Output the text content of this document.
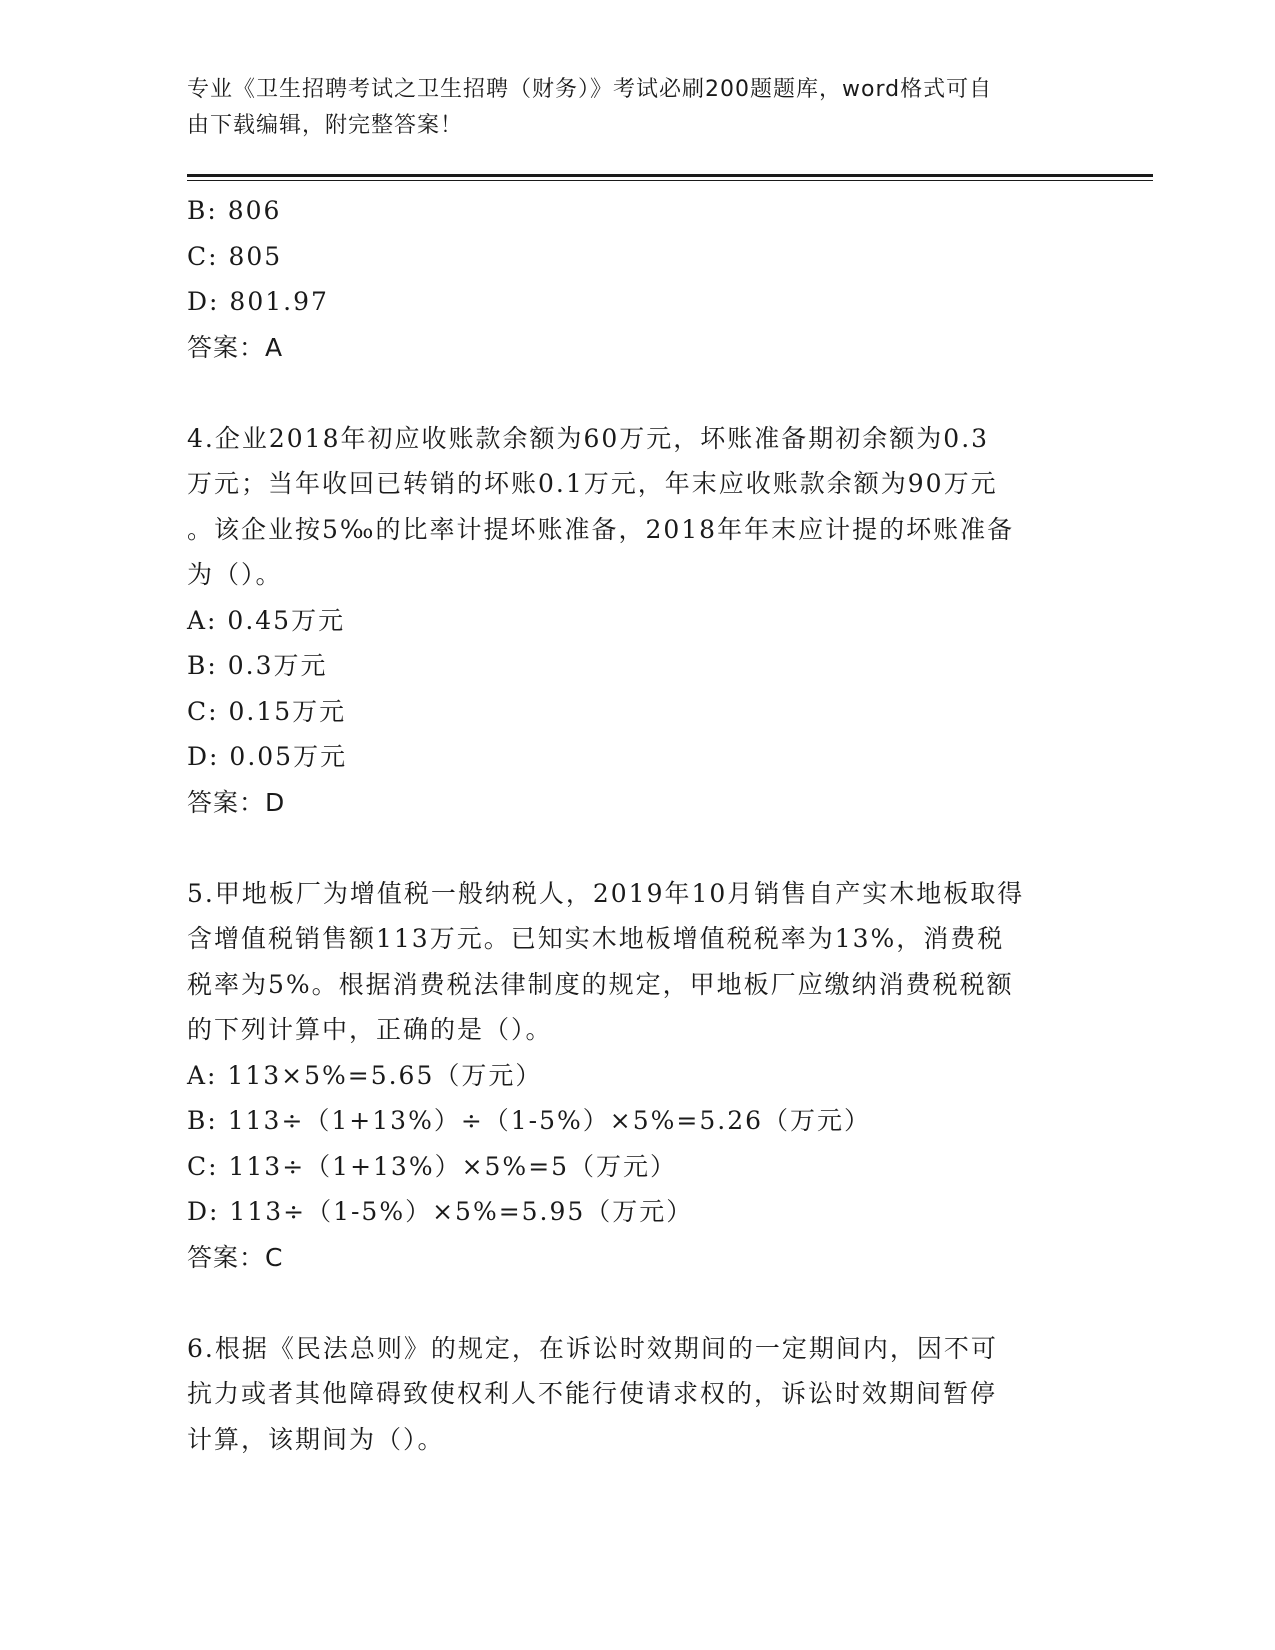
专业《卫生招聘考试之卫生招聘（财务）》考试必刷200题题库，word格式可自
由下载编辑，附完整答案！
B: 806
C: 805
D: 801.97
答案：A
4.企业2018年初应收账款余额为60万元，坏账准备期初余额为0.3
万元；当年收回已转销的坏账0.1万元，年末应收账款余额为90万元
。该企业按5‰的比率计提坏账准备，2018年年末应计提的坏账准备
为（）。
A: 0.45万元
B: 0.3万元
C: 0.15万元
D: 0.05万元
答案：D
5.甲地板厂为增值税一般纳税人，2019年10月销售自产实木地板取得
含增值税销售额113万元。已知实木地板增值税税率为13%，消费税
税率为5%。根据消费税法律制度的规定，甲地板厂应缴纳消费税税额
的下列计算中，正确的是（）。
A: 113×5%=5.65（万元）
B: 113÷（1+13%）÷（1-5%）×5%=5.26（万元）
C: 113÷（1+13%）×5%=5（万元）
D: 113÷（1-5%）×5%=5.95（万元）
答案：C
6.根据《民法总则》的规定，在诉讼时效期间的一定期间内，因不可
抗力或者其他障碍致使权利人不能行使请求权的，诉讼时效期间暂停
计算，该期间为（）。
